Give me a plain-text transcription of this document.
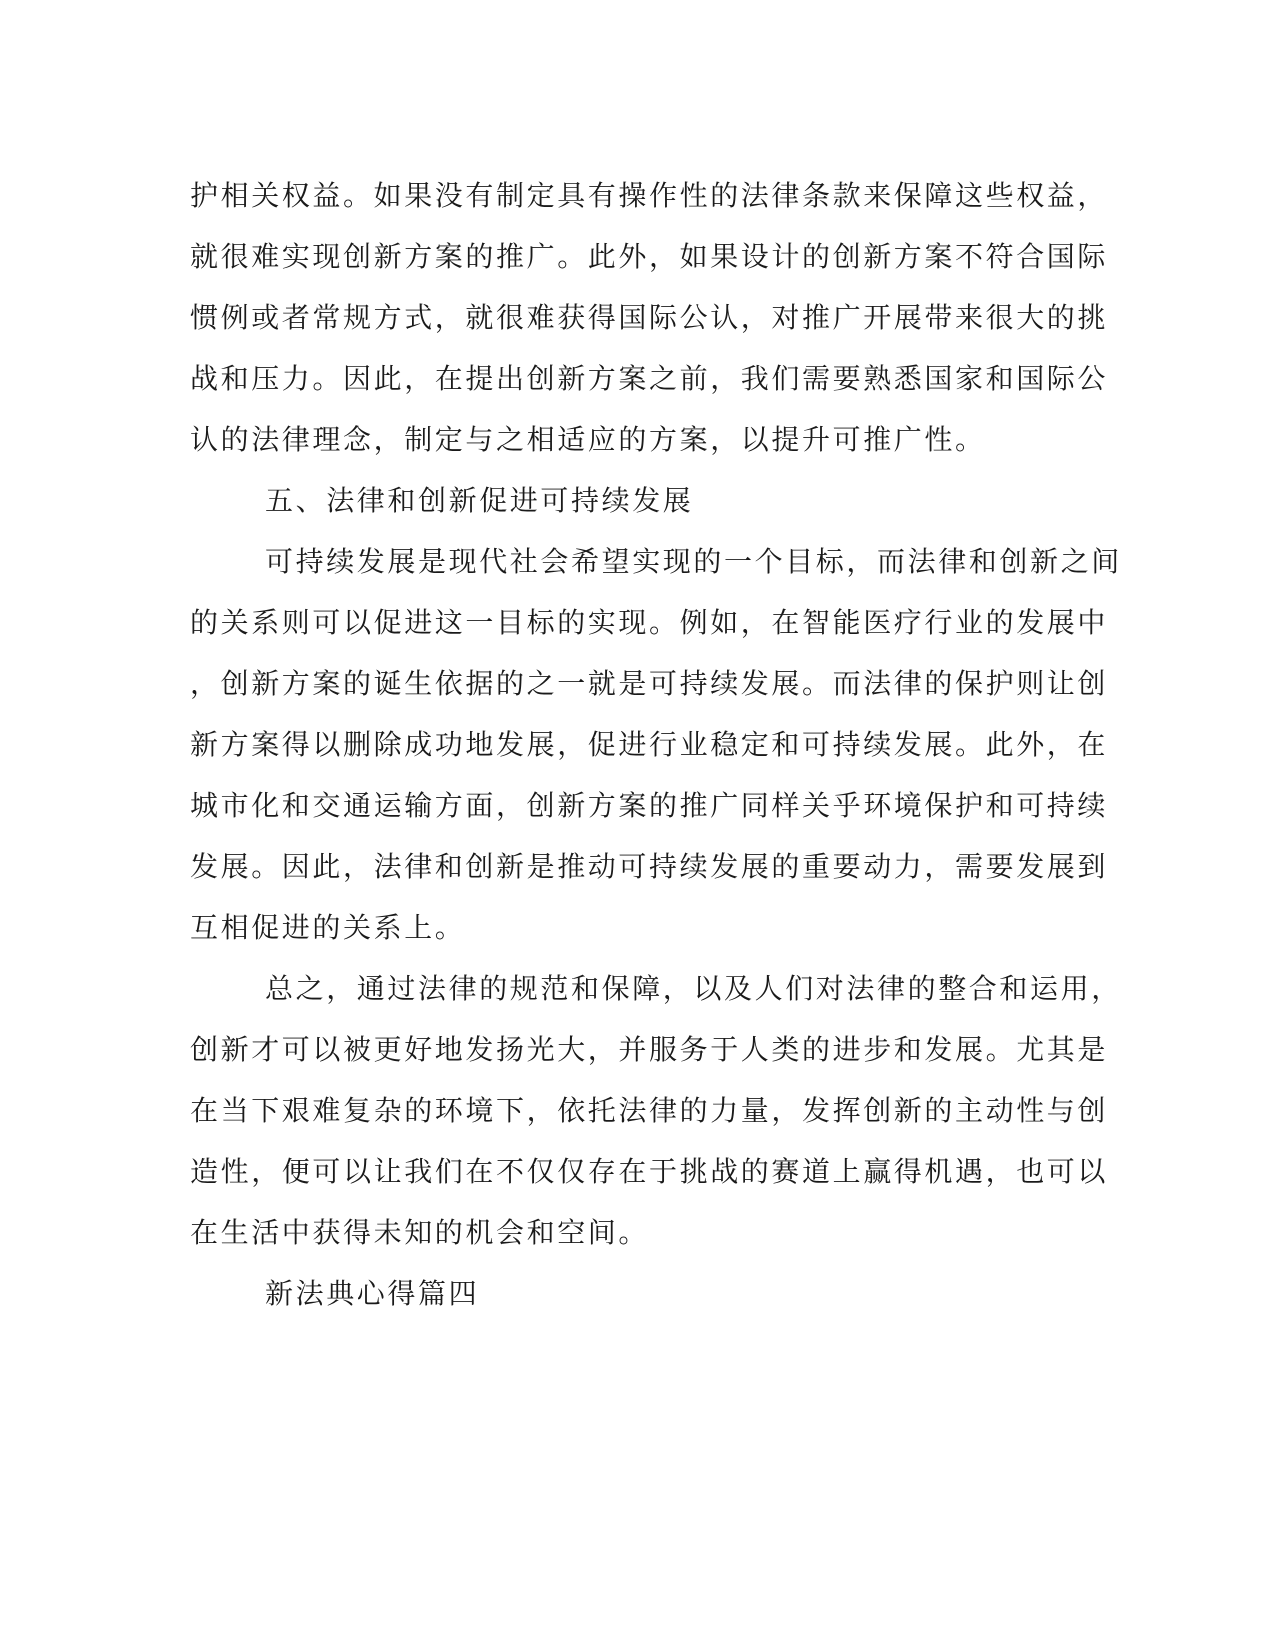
护相关权益。如果没有制定具有操作性的法律条款来保障这些权益，

就很难实现创新方案的推广。此外，如果设计的创新方案不符合国际

惯例或者常规方式，就很难获得国际公认，对推广开展带来很大的挑

战和压力。因此，在提出创新方案之前，我们需要熟悉国家和国际公

认的法律理念，制定与之相适应的方案，以提升可推广性。

五、法律和创新促进可持续发展

可持续发展是现代社会希望实现的一个目标，而法律和创新之间

的关系则可以促进这一目标的实现。例如，在智能医疗行业的发展中

，创新方案的诞生依据的之一就是可持续发展。而法律的保护则让创

新方案得以删除成功地发展，促进行业稳定和可持续发展。此外，在

城市化和交通运输方面，创新方案的推广同样关乎环境保护和可持续

发展。因此，法律和创新是推动可持续发展的重要动力，需要发展到

互相促进的关系上。

总之，通过法律的规范和保障，以及人们对法律的整合和运用，

创新才可以被更好地发扬光大，并服务于人类的进步和发展。尤其是

在当下艰难复杂的环境下，依托法律的力量，发挥创新的主动性与创

造性，便可以让我们在不仅仅存在于挑战的赛道上赢得机遇，也可以

在生活中获得未知的机会和空间。

新法典心得篇四
